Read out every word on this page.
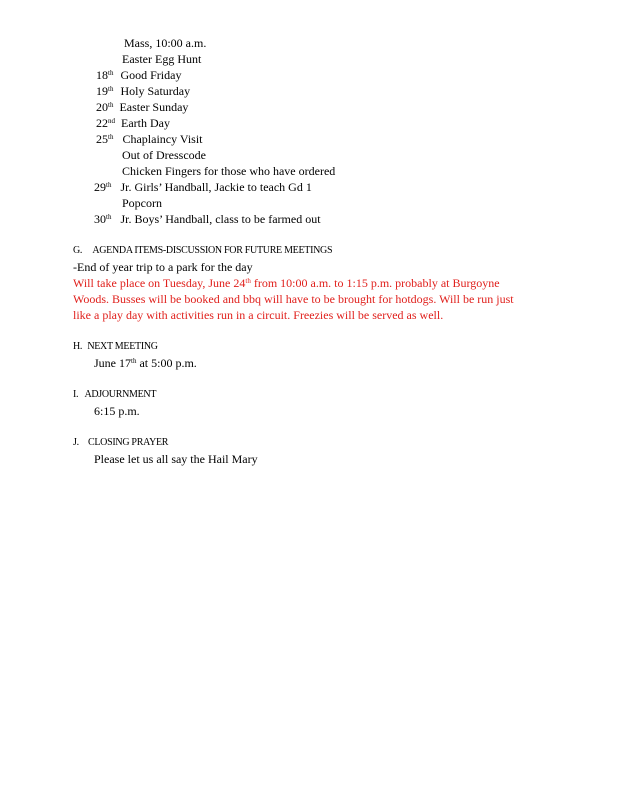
Mass, 10:00 a.m.
Easter Egg Hunt
18th Good Friday
19th Holy Saturday
20th Easter Sunday
22nd Earth Day
25th Chaplaincy Visit
Out of Dresscode
Chicken Fingers for those who have ordered
29th Jr. Girls’ Handball, Jackie to teach Gd 1
Popcorn
30th Jr. Boys’ Handball, class to be farmed out
G. AGENDA ITEMS-DISCUSSION FOR FUTURE MEETINGS
-End of year trip to a park for the day
Will take place on Tuesday, June 24th from 10:00 a.m. to 1:15 p.m. probably at Burgoyne
Woods. Busses will be booked and bbq will have to be brought for hotdogs. Will be run just
like a play day with activities run in a circuit. Freezies will be served as well.
H. NEXT MEETING
June 17th at 5:00 p.m.
I. ADJOURNMENT
6:15 p.m.
J. CLOSING PRAYER
Please let us all say the Hail Mary
